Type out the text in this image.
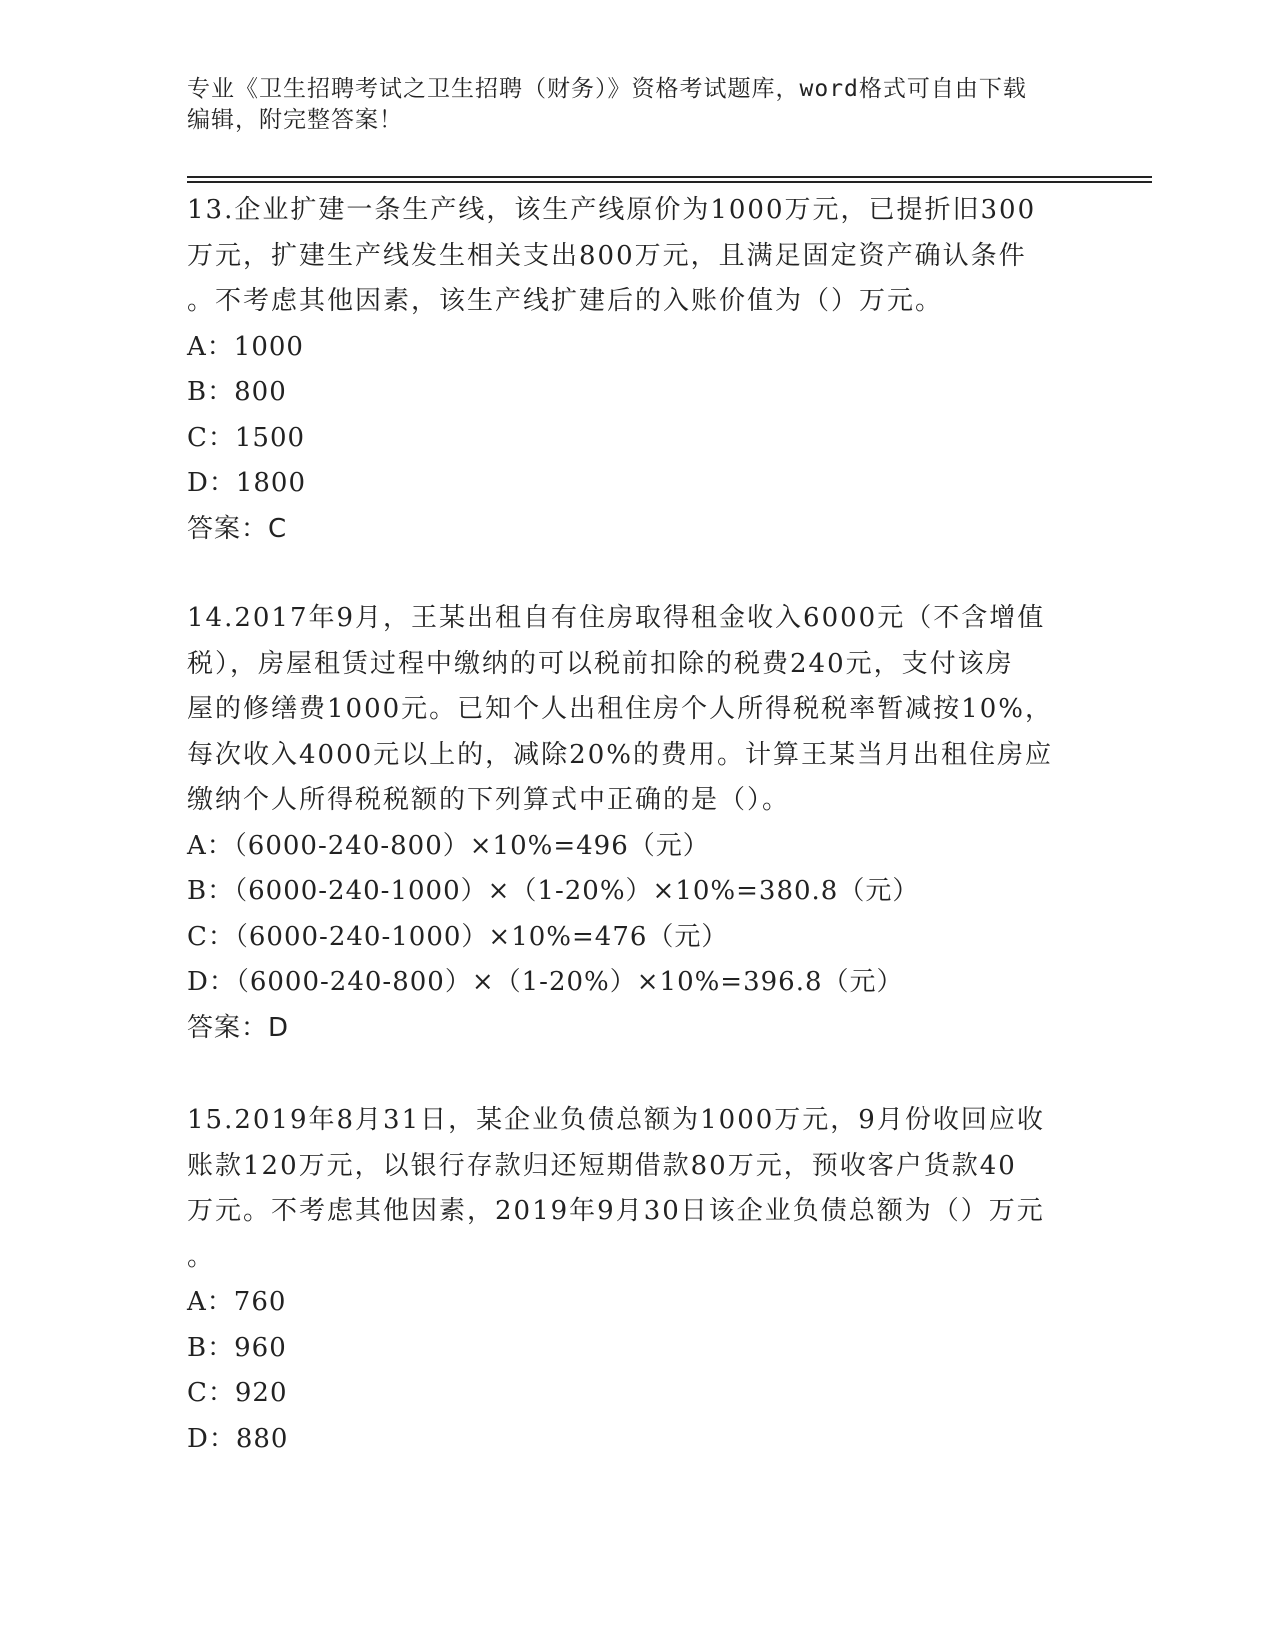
专业《卫生招聘考试之卫生招聘（财务）》资格考试题库，word格式可自由下载
编辑，附完整答案！
13.企业扩建一条生产线，该生产线原价为1000万元，已提折旧300
万元，扩建生产线发生相关支出800万元，且满足固定资产确认条件
。不考虑其他因素，该生产线扩建后的入账价值为（）万元。
A：1000
B：800
C：1500
D：1800
答案：C
14.2017年9月，王某出租自有住房取得租金收入6000元（不含增值
税），房屋租赁过程中缴纳的可以税前扣除的税费240元，支付该房
屋的修缮费1000元。已知个人出租住房个人所得税税率暂减按10%，
每次收入4000元以上的，减除20%的费用。计算王某当月出租住房应
缴纳个人所得税税额的下列算式中正确的是（）。
A：（6000-240-800）×10%=496（元）
B：（6000-240-1000）×（1-20%）×10%=380.8（元）
C：（6000-240-1000）×10%=476（元）
D：（6000-240-800）×（1-20%）×10%=396.8（元）
答案：D
15.2019年8月31日，某企业负债总额为1000万元，9月份收回应收
账款120万元，以银行存款归还短期借款80万元，预收客户货款40
万元。不考虑其他因素，2019年9月30日该企业负债总额为（）万元
。
A：760
B：960
C：920
D：880
